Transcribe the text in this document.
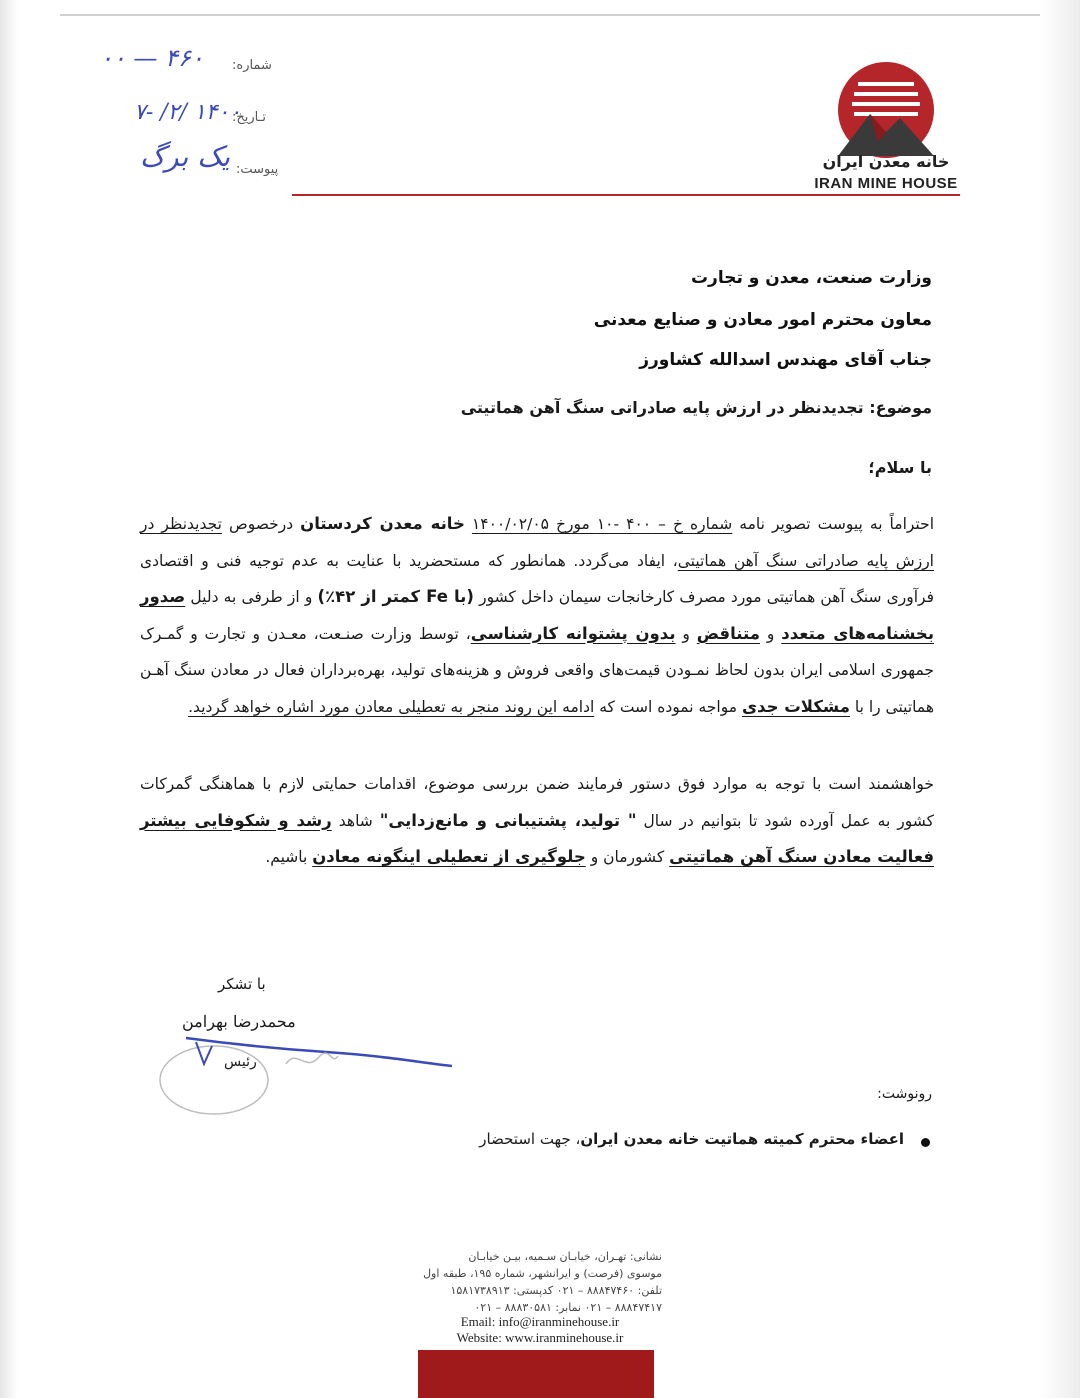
خانه معدن ایران
IRAN MINE HOUSE
شماره:
۴۶۰ — ۰۰
تـاریخ:
۱۴۰۰ /۲/ -۷
پیوست:
یک برگ
وزارت صنعت، معدن و تجارت
معاون محترم امور معادن و صنایع معدنی
جناب آقای مهندس اسدالله کشاورز
موضوع: تجدیدنظر در ارزش پایه صادراتی سنگ آهن هماتیتی
با سلام؛
احتراماً به پیوست تصویر نامه شماره خ – ۴۰۰ -۱۰ مورخ ۱۴۰۰/۰۲/۰۵ خانه معدن کردستان درخصوص تجدیدنظر در ارزش پایه صادراتی سنگ آهن هماتیتی، ایفاد می‌گردد. همانطور که مستحضرید با عنایت به عدم توجیه فنی و اقتصادی فرآوری سنگ آهن هماتیتی مورد مصرف کارخانجات سیمان داخل کشور (با Fe کمتر از ۴۲٪) و از طرفی به دلیل صدور بخشنامه‌های متعدد و متناقض و بدون پشتوانه کارشناسی، توسط وزارت صنـعت، معـدن و تجارت و گمـرک جمهوری اسلامی ایران بدون لحاظ نمـودن قیمت‌های واقعی فروش و هزینه‌های تولید، بهره‌برداران فعال در معادن سنگ آهـن هماتیتی را با مشکلات جدی مواجه نموده است که ادامه این روند منجر به تعطیلی معادن مورد اشاره خواهد گردید.
خواهشمند است با توجه به موارد فوق دستور فرمایند ضمن بررسی موضوع، اقدامات حمایتی لازم با هماهنگی گمرکات کشور به عمل آورده شود تا بتوانیم در سال " تولید، پشتیبانی و مانع‌زدایی" شاهد رشد و شکوفایی بیشتر فعالیت معادن سنگ آهن هماتیتی کشورمان و جلوگیری از تعطیلی اینگونه معادن باشیم.
با تشکر
محمدرضا بهرامن
رئیس
رونوشت:
اعضاء محترم کمیته هماتیت خانه معدن ایران، جهت استحضار
نشانی: تهـران، خیابـان سـمیه، بیـن خیابـان
موسوی (فرصت) و ایرانشهر، شماره ۱۹۵، طبقه اول
تلفن: ۸۸۸۴۷۴۶۰ – ۰۲۱ کدپستی: ۱۵۸۱۷۳۸۹۱۳
۸۸۸۴۷۴۱۷ – ۰۲۱ نمابر: ۸۸۸۳۰۵۸۱ – ۰۲۱
Email: info@iranminehouse.ir
Website: www.iranminehouse.ir
